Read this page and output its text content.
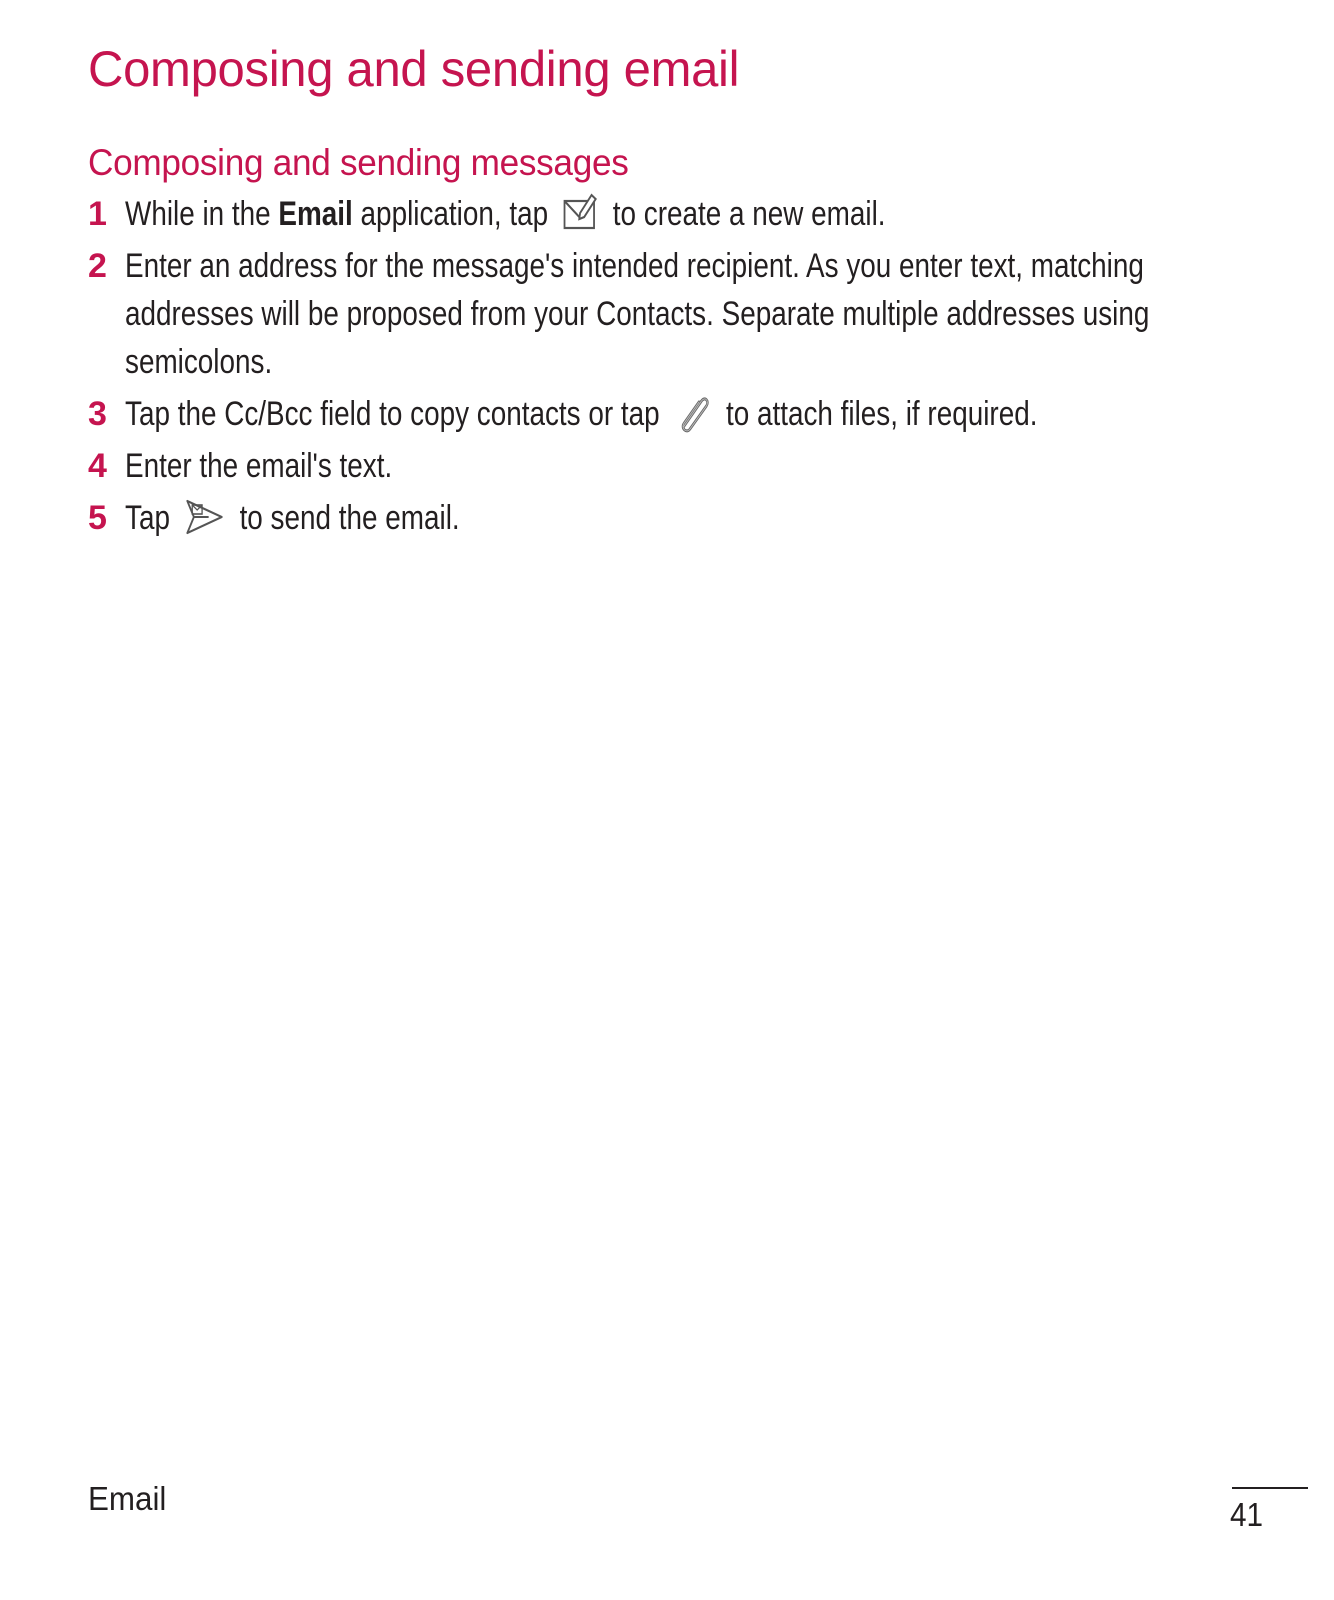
Composing and sending email
Composing and sending messages
1 While in the Email application, tap
to create a new email.
2 Enter an address for the message's intended recipient. As you enter text, matching
addresses will be proposed from your Contacts. Separate multiple addresses using
semicolons.
3 Tap the Cc/Bcc field to copy contacts or tap
to attach files, if required.
4 Enter the email's text.
5 Tap
to send the email.
Email	41
